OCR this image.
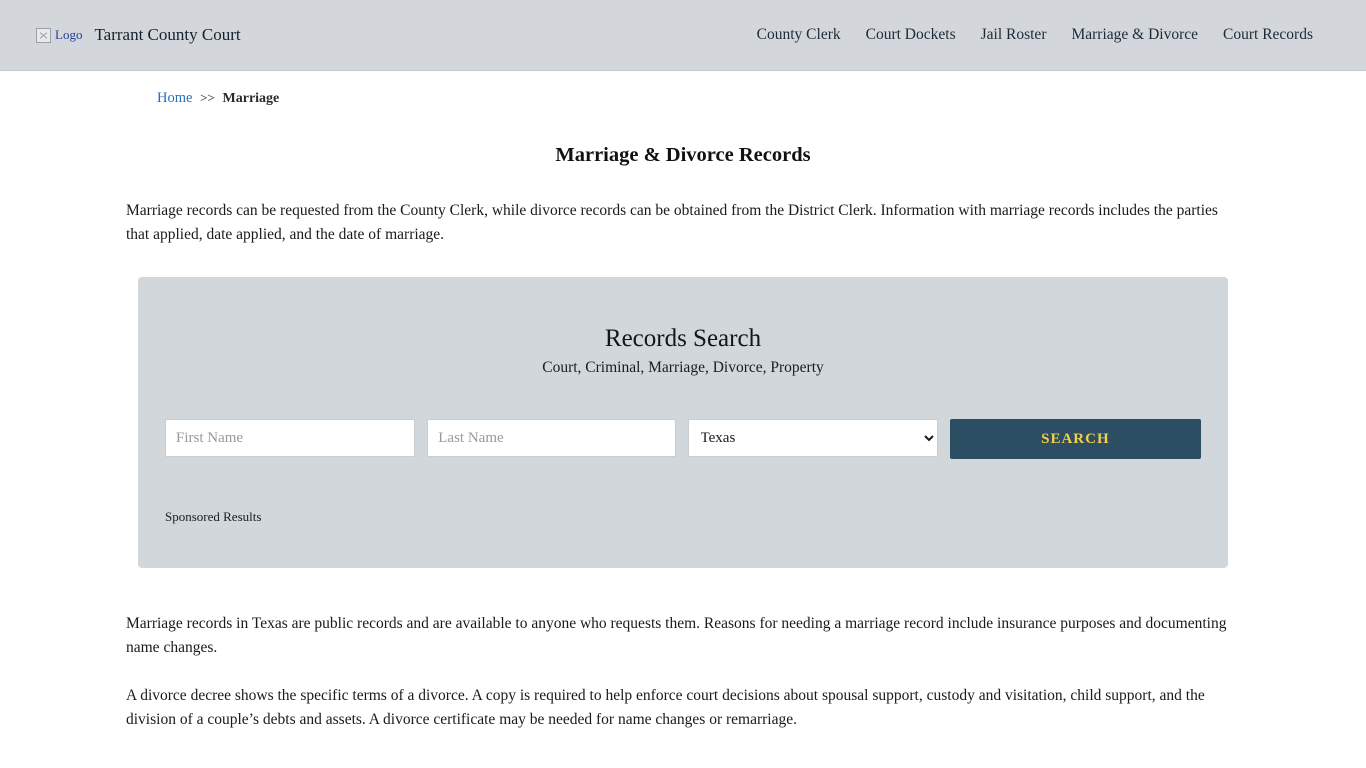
Logo Tarrant County Court	County Clerk Court Dockets Jail Roster Marriage & Divorce Court Records
Home >> Marriage
Marriage & Divorce Records

Marriage records can be requested from the County Clerk, while divorce records can be obtained from the District Clerk. Information with marriage records includes the parties that applied, date applied, and the date of marriage.

Records Search
Court, Criminal, Marriage, Divorce, Property
First Name
Last Name
Texas
SEARCH
Sponsored Results

Marriage records in Texas are public records and are available to anyone who requests them. Reasons for needing a marriage record include insurance purposes and documenting name changes.

A divorce decree shows the specific terms of a divorce. A copy is required to help enforce court decisions about spousal support, custody and visitation, child support, and the division of a couple’s debts and assets. A divorce certificate may be needed for name changes or remarriage.
